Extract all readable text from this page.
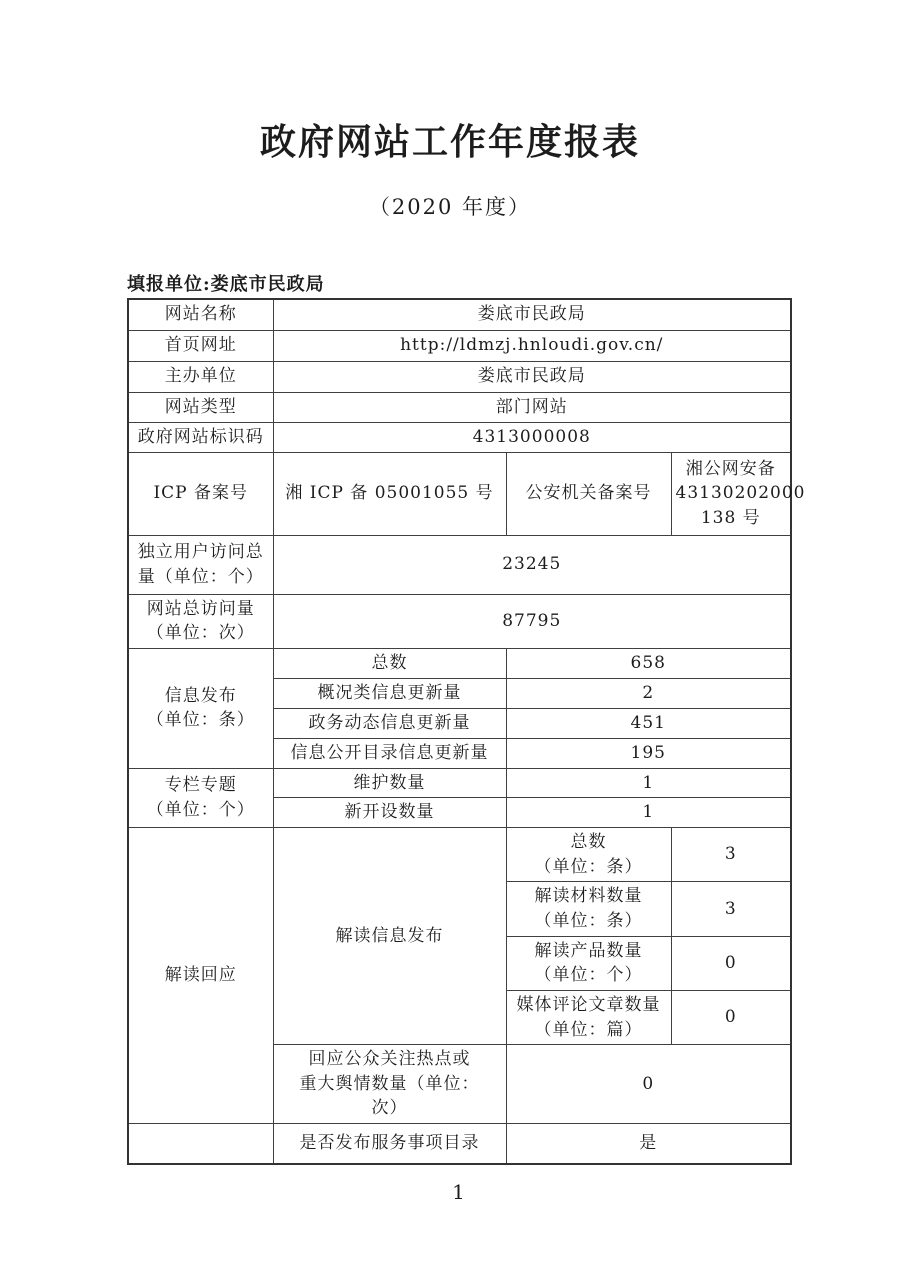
政府网站工作年度报表
（2020 年度）
填报单位:娄底市民政局
网站名称	娄底市民政局		
首页网址	http://ldmzj.hnloudi.gov.cn/		
主办单位	娄底市民政局		
网站类型	部门网站		
政府网站标识码	4313000008		
ICP 备案号	湘 ICP 备 05001055 号	公安机关备案号	湘公网安备
43130202000
138 号
独立用户访问总
量（单位：个）	23245		
网站总访问量
（单位：次）	87795		
信息发布
（单位：条）	总数	658	
	概况类信息更新量	2	
	政务动态信息更新量	451	
	信息公开目录信息更新量	195	
专栏专题
（单位：个）	维护数量	1	
	新开设数量	1	
解读回应	解读信息发布	总数
（单位：条）	3
		解读材料数量
（单位：条）	3
		解读产品数量
（单位：个）	0
		媒体评论文章数量
（单位：篇）	0
	回应公众关注热点或
重大舆情数量（单位：
次）	0	
	是否发布服务事项目录	是	
1
